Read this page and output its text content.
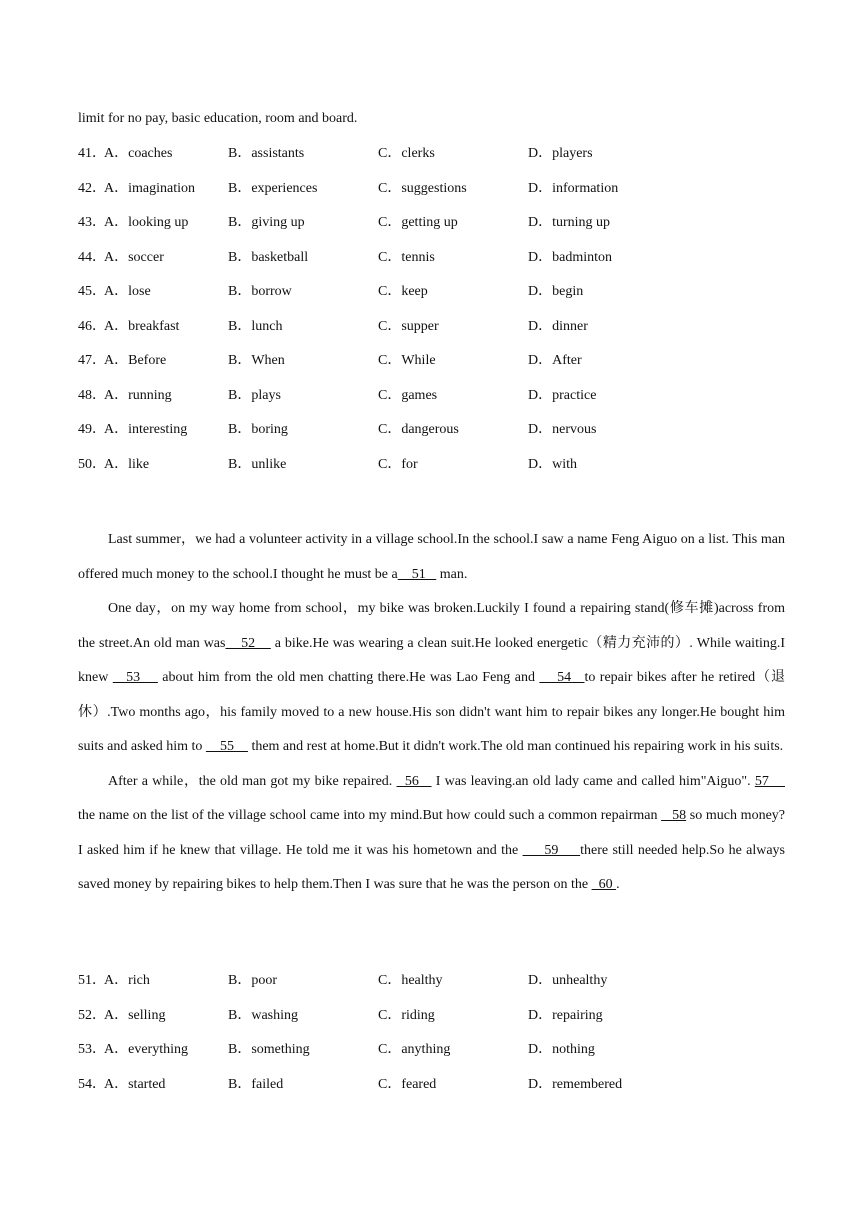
limit for no pay, basic education, room and board.
41．
A．coaches	B．assistants	C．clerks	D．players
42．
A．imagination B．experiences	C．suggestions	D．information
43．
A．looking up	B．giving up	C．getting up	D．turning up
44．
A．soccer	B．basketball	C．tennis	D．badminton
45．
A．lose	B．borrow	C．keep	D．begin
46．
A．breakfast	B．lunch	C．supper	D．dinner
47．
A．Before	B．When	C．While	D．After
48．
A．running	B．plays	C．games	D．practice
49．
A．interesting	B．boring	C．dangerous	D．nervous
50．
A．like	B．unlike	C．for	D．with

Last summer，we had a volunteer activity in a village school.In the school.I saw a name Feng Aiguo on a list. This man offered much money to the school.I thought he must be a    51    man.

One day，on my way home from school，my bike was broken.Luckily I found a repairing stand(修车摊)across from the street.An old man was    52     a bike.He was wearing a clean suit.He looked energetic（精力充沛的）. While waiting.I knew    53     about him from the old men chatting there.He was Lao Feng and     54   to repair bikes after he retired（退休）.Two months ago，his family moved to a new house.His son didn't want him to repair bikes any longer.He bought him suits and asked him to     55     them and rest at home.But it didn't work.The old man continued his repairing work in his suits.

After a while，the old man got my bike repaired.   56    I was leaving.an old lady came and called him"Aiguo". 57     the name on the list of the village school came into my mind.But how could such a common repairman    58 so much money?I asked him if he knew that village. He told me it was his hometown and the      59     there still needed help.So he always saved money by repairing bikes to help them.Then I was sure that he was the person on the   60 .

51．
A．rich	B．poor	C．healthy	D．unhealthy
52．
A．selling	B．washing	C．riding	D．repairing
53．
A．everything	B．something	C．anything	D．nothing
54．
A．started	B．failed	C．feared	D．remembered
